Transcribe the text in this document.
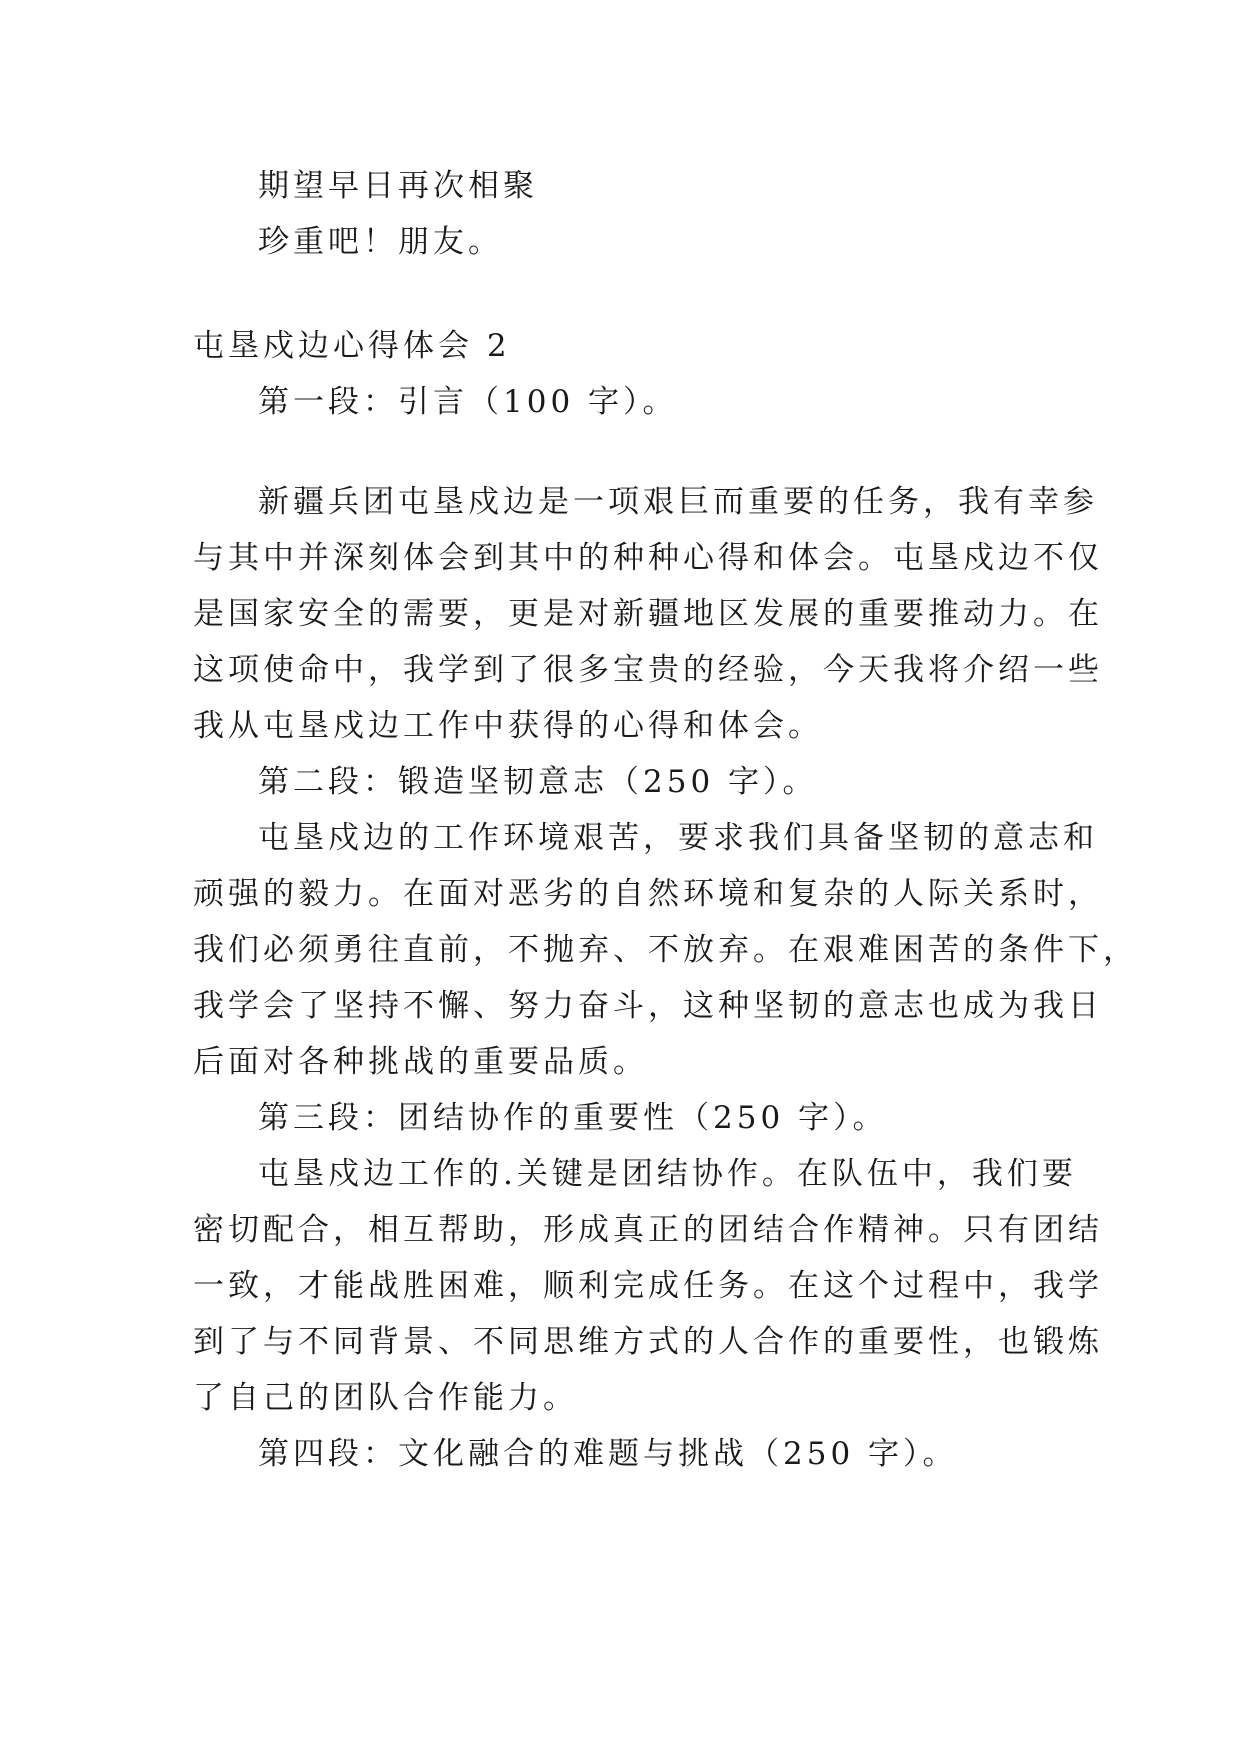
期望早日再次相聚
珍重吧！朋友。
屯垦戍边心得体会 2
第一段：引言（100 字）。
新疆兵团屯垦戍边是一项艰巨而重要的任务，我有幸参
与其中并深刻体会到其中的种种心得和体会。屯垦戍边不仅
是国家安全的需要，更是对新疆地区发展的重要推动力。在
这项使命中，我学到了很多宝贵的经验，今天我将介绍一些
我从屯垦戍边工作中获得的心得和体会。
第二段：锻造坚韧意志（250 字）。
屯垦戍边的工作环境艰苦，要求我们具备坚韧的意志和
顽强的毅力。在面对恶劣的自然环境和复杂的人际关系时，
我们必须勇往直前，不抛弃、不放弃。在艰难困苦的条件下，
我学会了坚持不懈、努力奋斗，这种坚韧的意志也成为我日
后面对各种挑战的重要品质。
第三段：团结协作的重要性（250 字）。
屯垦戍边工作的.关键是团结协作。在队伍中，我们要
密切配合，相互帮助，形成真正的团结合作精神。只有团结
一致，才能战胜困难，顺利完成任务。在这个过程中，我学
到了与不同背景、不同思维方式的人合作的重要性，也锻炼
了自己的团队合作能力。
第四段：文化融合的难题与挑战（250 字）。
